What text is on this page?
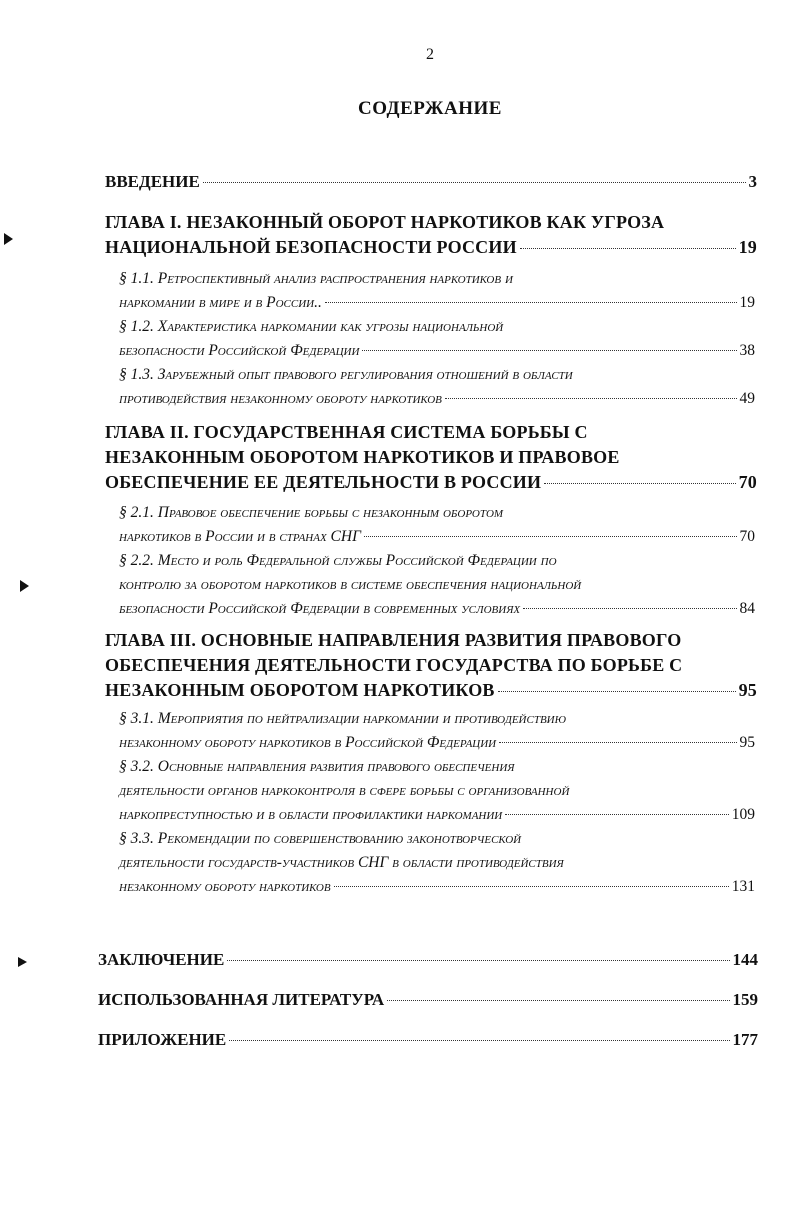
2
СОДЕРЖАНИЕ
ВВЕДЕНИЕ	3
ГЛАВА I. НЕЗАКОННЫЙ ОБОРОТ НАРКОТИКОВ КАК УГРОЗА
НАЦИОНАЛЬНОЙ БЕЗОПАСНОСТИ РОССИИ	19
§ 1.1. Ретроспективный анализ распространения наркотиков и
наркомании в мире и в России..	19
§ 1.2. Характеристика наркомании как угрозы национальной
безопасности Российской Федерации	38
§ 1.3. Зарубежный опыт правового регулирования отношений в области
противодействия незаконному обороту наркотиков	49
ГЛАВА II. ГОСУДАРСТВЕННАЯ СИСТЕМА БОРЬБЫ С
НЕЗАКОННЫМ ОБОРОТОМ НАРКОТИКОВ И ПРАВОВОЕ
ОБЕСПЕЧЕНИЕ ЕЕ ДЕЯТЕЛЬНОСТИ В РОССИИ	70
§ 2.1. Правовое обеспечение борьбы с незаконным оборотом
наркотиков в России и в странах СНГ	70
§ 2.2. Место и роль Федеральной службы Российской Федерации по
контролю за оборотом наркотиков в системе обеспечения национальной
безопасности Российской Федерации в современных условиях	84
ГЛАВА III. ОСНОВНЫЕ НАПРАВЛЕНИЯ РАЗВИТИЯ ПРАВОВОГО
ОБЕСПЕЧЕНИЯ ДЕЯТЕЛЬНОСТИ ГОСУДАРСТВА ПО БОРЬБЕ С
НЕЗАКОННЫМ ОБОРОТОМ НАРКОТИКОВ	95
§ 3.1. Мероприятия по нейтрализации наркомании и противодействию
незаконному обороту наркотиков в Российской Федерации	95
§ 3.2. Основные направления развития правового обеспечения
деятельности органов наркоконтроля в сфере борьбы с организованной
наркопреступностью и в области профилактики наркомании	109
§ 3.3. Рекомендации по совершенствованию законотворческой
деятельности государств-участников СНГ в области противодействия
незаконному обороту наркотиков	131
ЗАКЛЮЧЕНИЕ	144
ИСПОЛЬЗОВАННАЯ ЛИТЕРАТУРА	159
ПРИЛОЖЕНИЕ	177
